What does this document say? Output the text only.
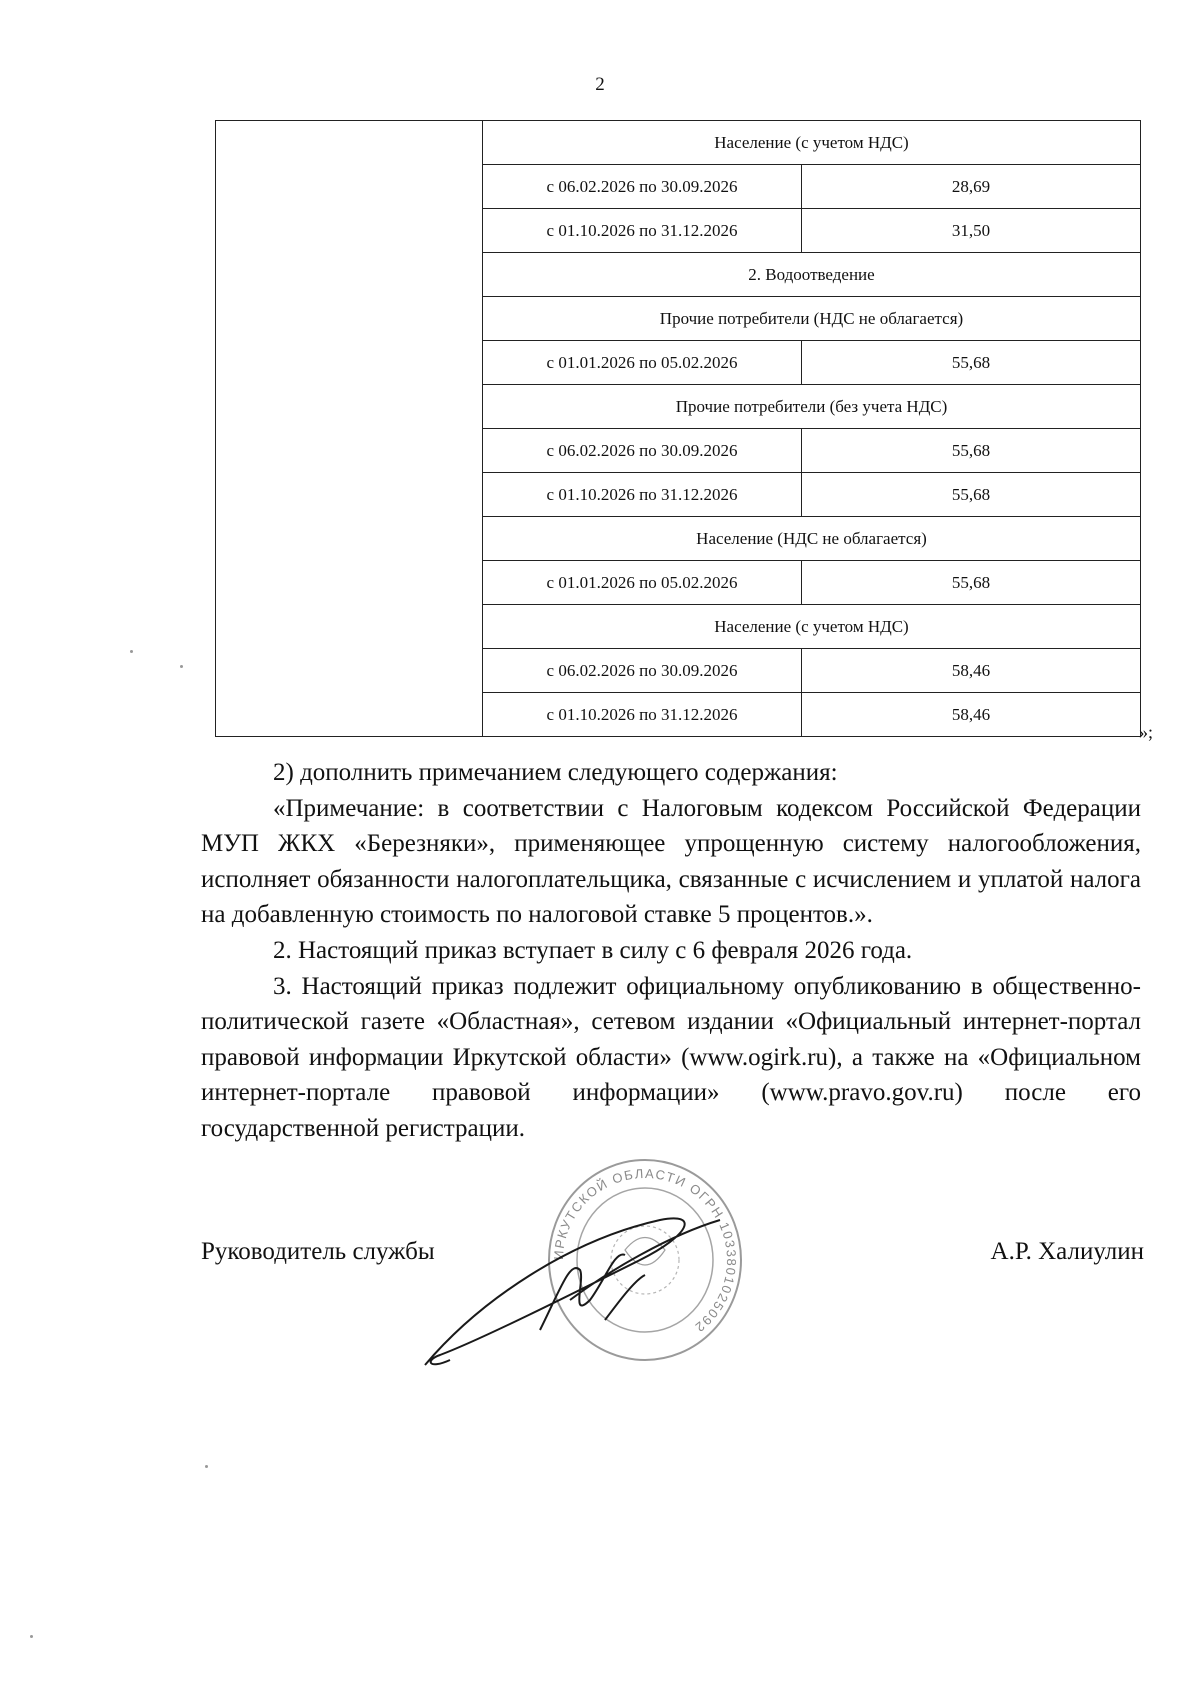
2
	Население (с учетом НДС)	
	с 06.02.2026 по 30.09.2026	28,69
	с 01.10.2026 по 31.12.2026	31,50
	2. Водоотведение	
	Прочие потребители (НДС не облагается)	
	с 01.01.2026 по 05.02.2026	55,68
	Прочие потребители (без учета НДС)	
	с 06.02.2026 по 30.09.2026	55,68
	с 01.10.2026 по 31.12.2026	55,68
	Население (НДС не облагается)	
	с 01.01.2026 по 05.02.2026	55,68
	Население (с учетом НДС)	
	с 06.02.2026 по 30.09.2026	58,46
	с 01.10.2026 по 31.12.2026	58,46
»;

2) дополнить примечанием следующего содержания:

«Примечание: в соответствии с Налоговым кодексом Российской Федерации МУП ЖКХ «Березняки», применяющее упрощенную систему налогообложения, исполняет обязанности налогоплательщика, связанные с исчислением и уплатой налога на добавленную стоимость по налоговой ставке 5 процентов.».

2. Настоящий приказ вступает в силу с 6 февраля 2026 года.

3. Настоящий приказ подлежит официальному опубликованию в общественно-политической газете «Областная», сетевом издании «Официальный интернет-портал правовой информации Иркутской области» (www.ogirk.ru), а также на «Официальном интернет-портале правовой информации» (www.pravo.gov.ru) после его государственной регистрации.

Руководитель службы	А.Р. Халиулин
ИРКУТСКОЙ ОБЛАСТИ ОГРН 1033801025092
